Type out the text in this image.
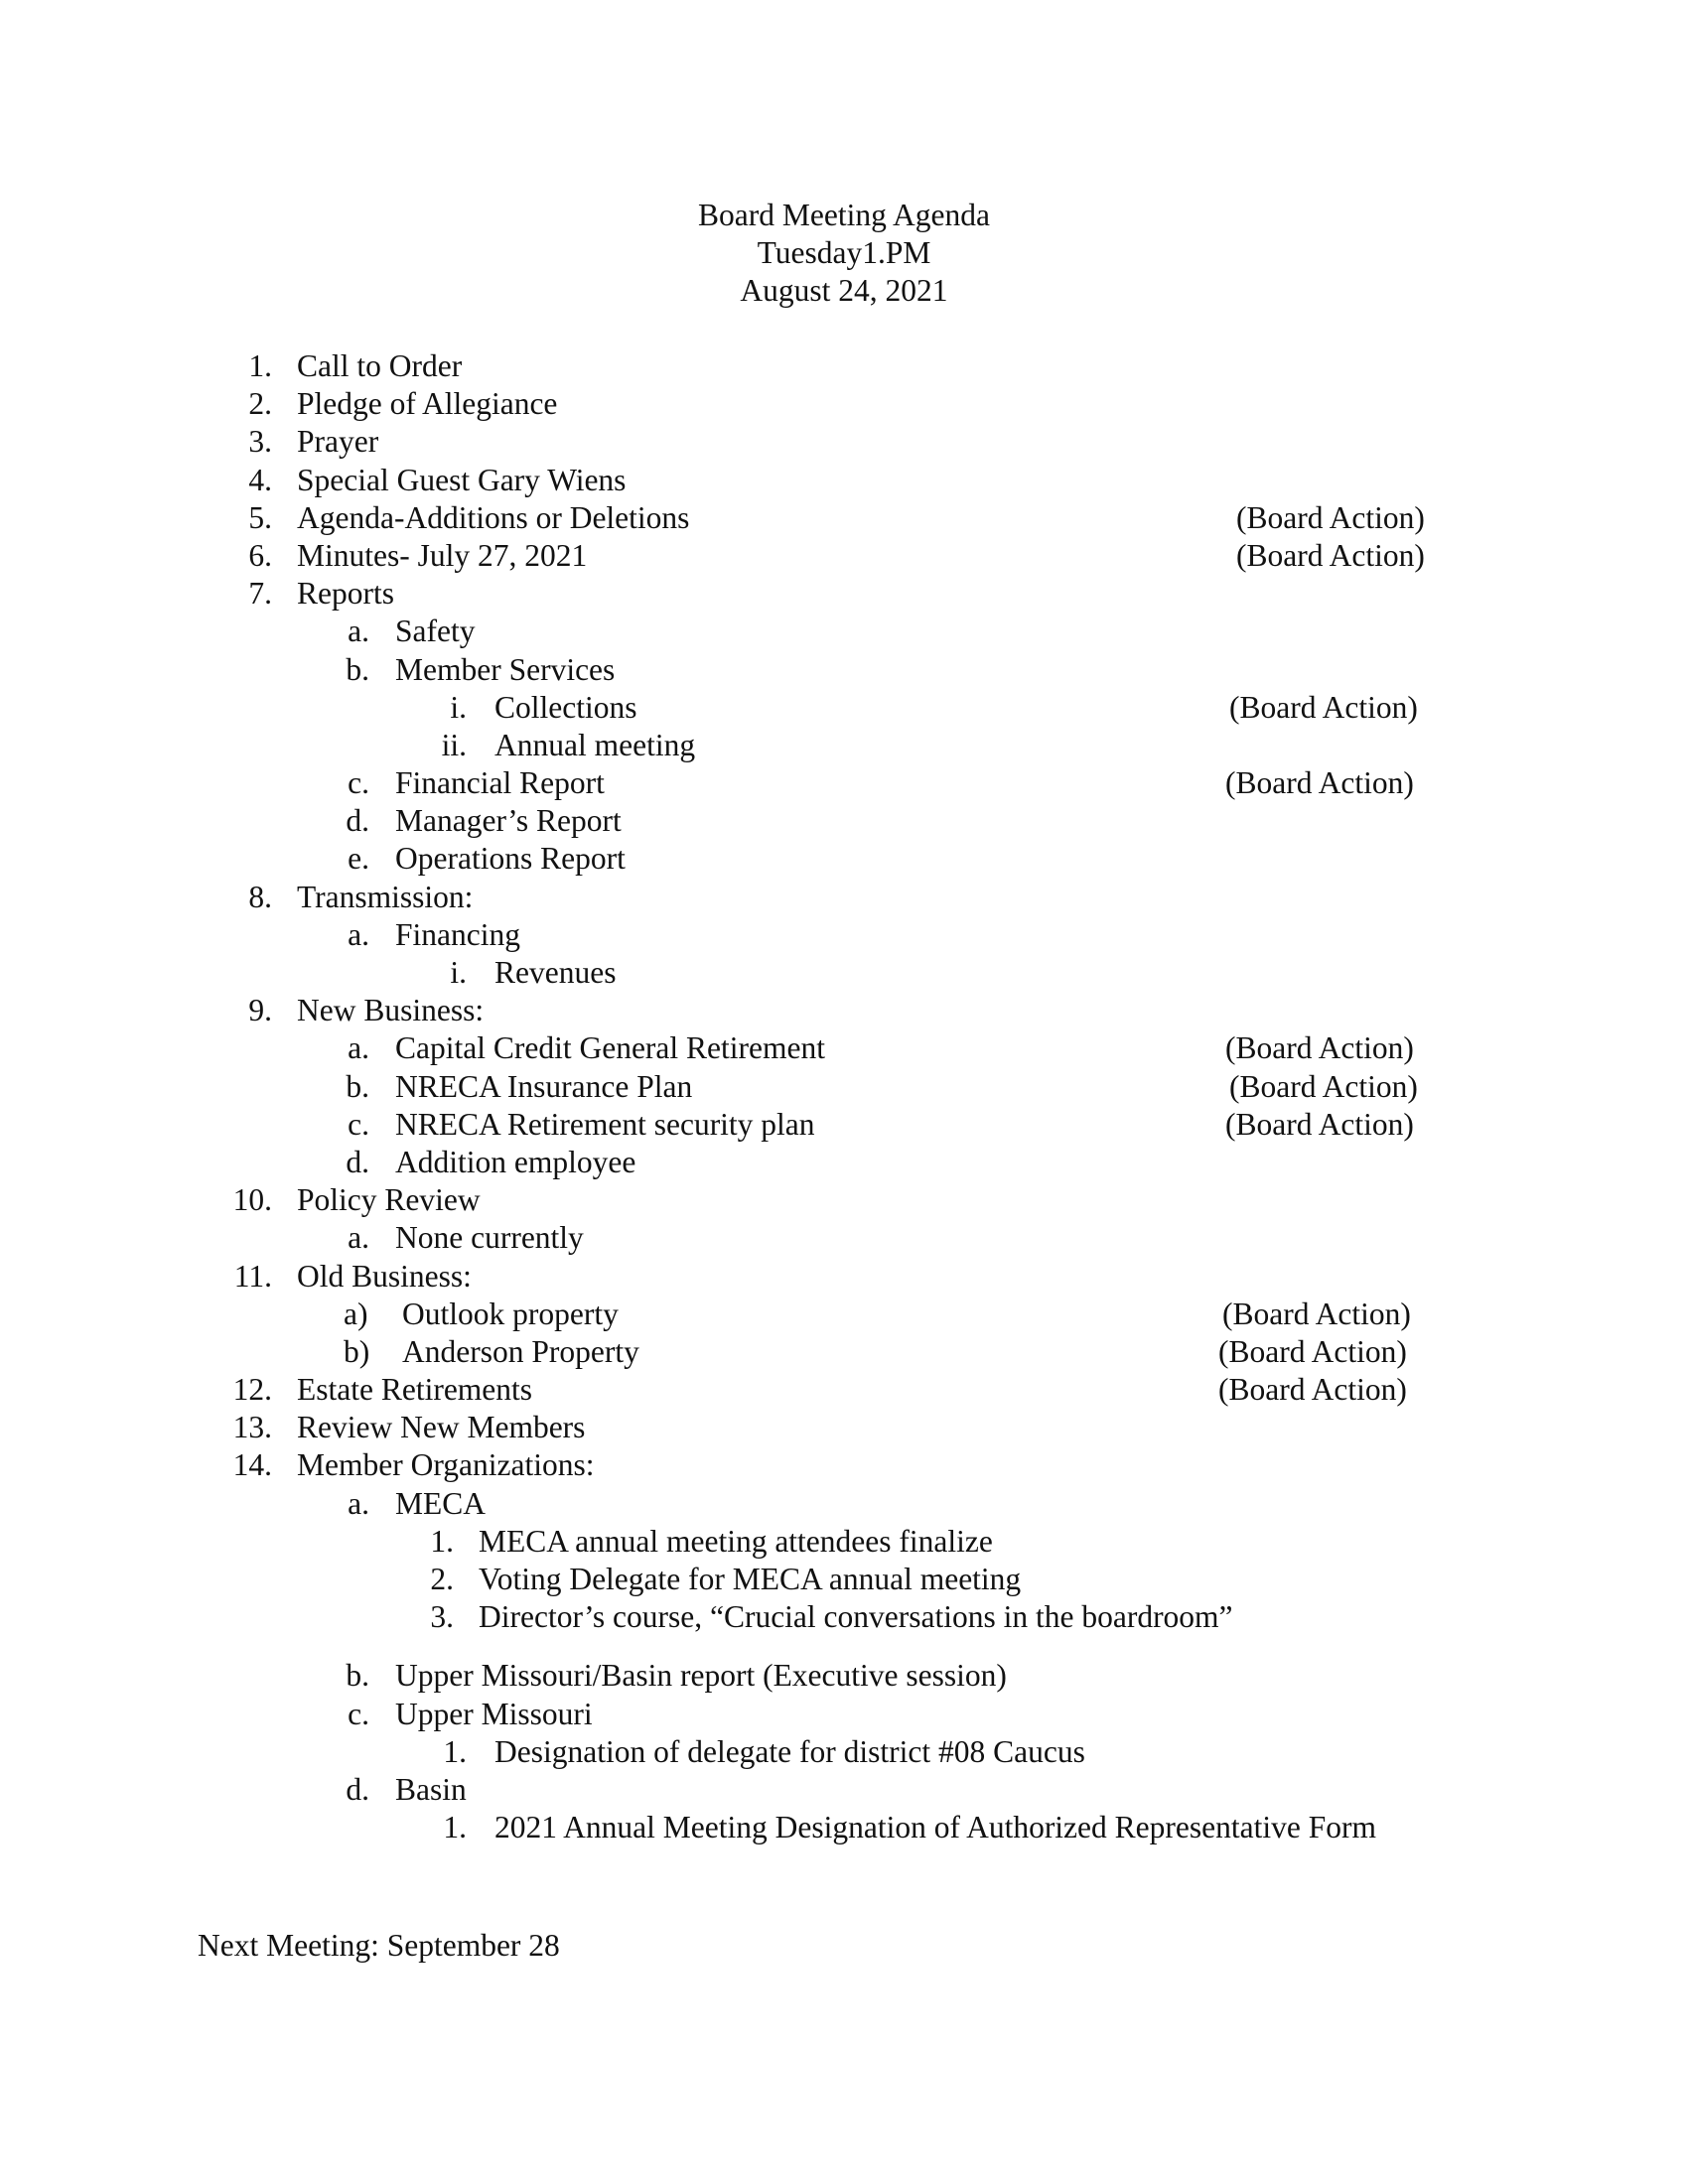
Board Meeting Agenda
Tuesday1.PM
August 24, 2021
1. Call to Order
2. Pledge of Allegiance
3. Prayer
4. Special Guest Gary Wiens
5. Agenda-Additions or Deletions	(Board Action)
6. Minutes- July 27, 2021	(Board Action)
7. Reports
a. Safety
b. Member Services
i. Collections	(Board Action)
ii. Annual meeting
c. Financial Report	(Board Action)
d. Manager’s Report
e. Operations Report
8. Transmission:
a. Financing
i. Revenues
9. New Business:
a. Capital Credit General Retirement	(Board Action)
b. NRECA Insurance Plan	(Board Action)
c. NRECA Retirement security plan	(Board Action)
d. Addition employee
10. Policy Review
a. None currently
11. Old Business:
a) Outlook property	(Board Action)
b) Anderson Property	(Board Action)
12. Estate Retirements	(Board Action)
13. Review New Members
14. Member Organizations:
a. MECA
1. MECA annual meeting attendees finalize
2. Voting Delegate for MECA annual meeting
3. Director’s course, “Crucial conversations in the boardroom”
b. Upper Missouri/Basin report (Executive session)
c. Upper Missouri
1. Designation of delegate for district #08 Caucus
d. Basin
1. 2021 Annual Meeting Designation of Authorized Representative Form
Next Meeting: September 28
